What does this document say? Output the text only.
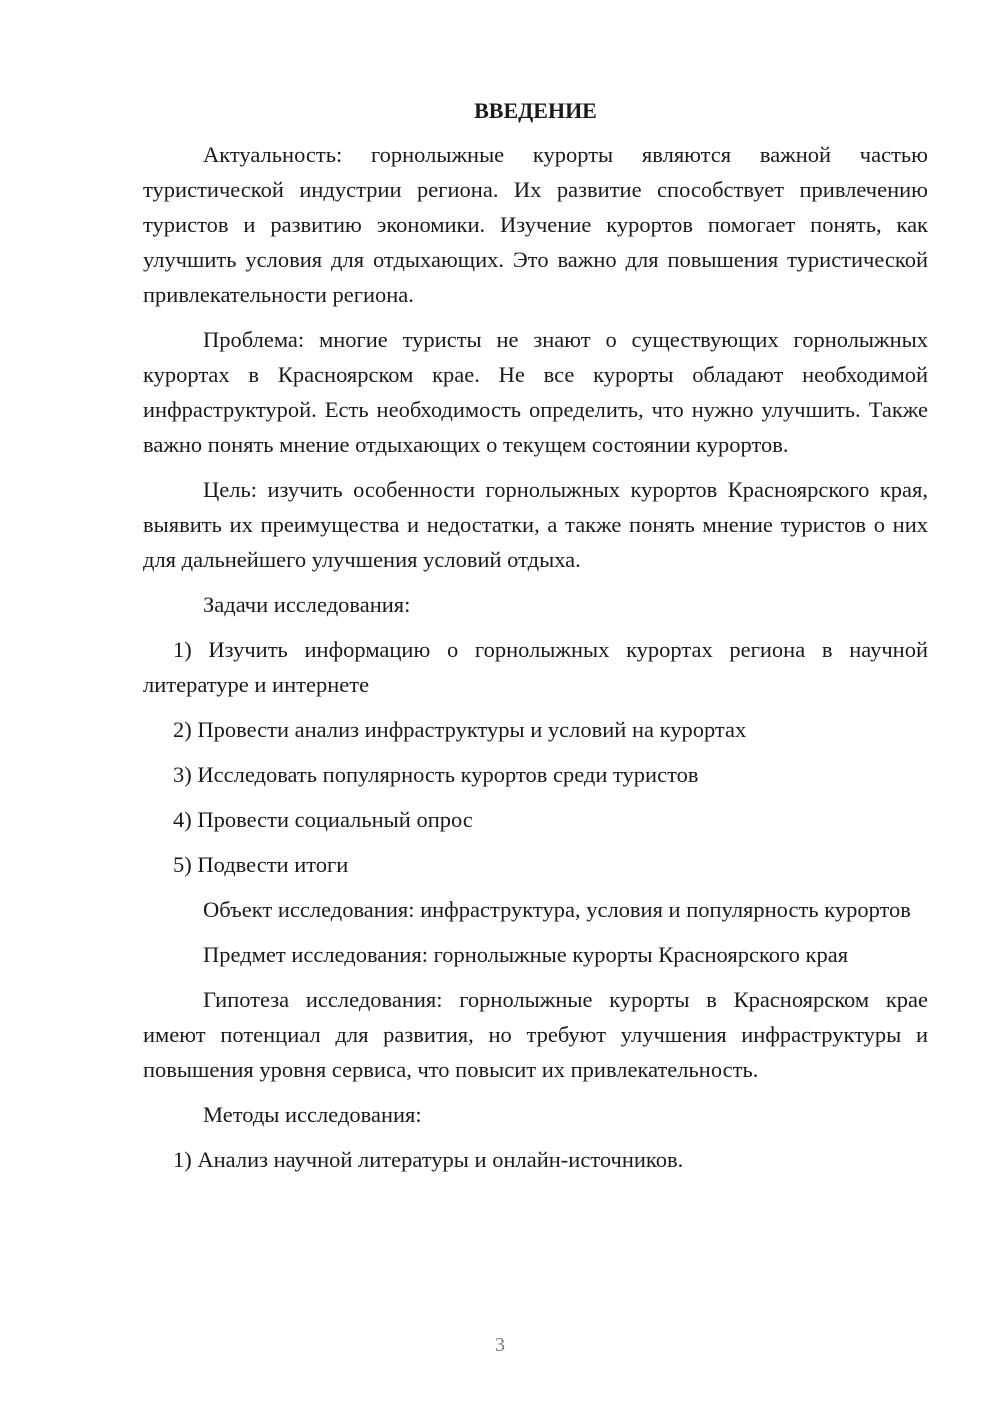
ВВЕДЕНИЕ

Актуальность: горнолыжные курорты являются важной частью туристической индустрии региона. Их развитие способствует привлечению туристов и развитию экономики. Изучение курортов помогает понять, как улучшить условия для отдыхающих. Это важно для повышения туристической привлекательности региона.

Проблема: многие туристы не знают о существующих горнолыжных курортах в Красноярском крае. Не все курорты обладают необходимой инфраструктурой. Есть необходимость определить, что нужно улучшить. Также важно понять мнение отдыхающих о текущем состоянии курортов.

Цель: изучить особенности горнолыжных курортов Красноярского края, выявить их преимущества и недостатки, а также понять мнение туристов о них для дальнейшего улучшения условий отдыха.

Задачи исследования:

1) Изучить информацию о горнолыжных курортах региона в научной литературе и интернете

2) Провести анализ инфраструктуры и условий на курортах

3) Исследовать популярность курортов среди туристов

4) Провести социальный опрос

5) Подвести итоги

Объект исследования: инфраструктура, условия и популярность курортов

Предмет исследования: горнолыжные курорты Красноярского края

Гипотеза исследования: горнолыжные курорты в Красноярском крае имеют потенциал для развития, но требуют улучшения инфраструктуры и повышения уровня сервиса, что повысит их привлекательность.

Методы исследования:

1) Анализ научной литературы и онлайн-источников.

3
